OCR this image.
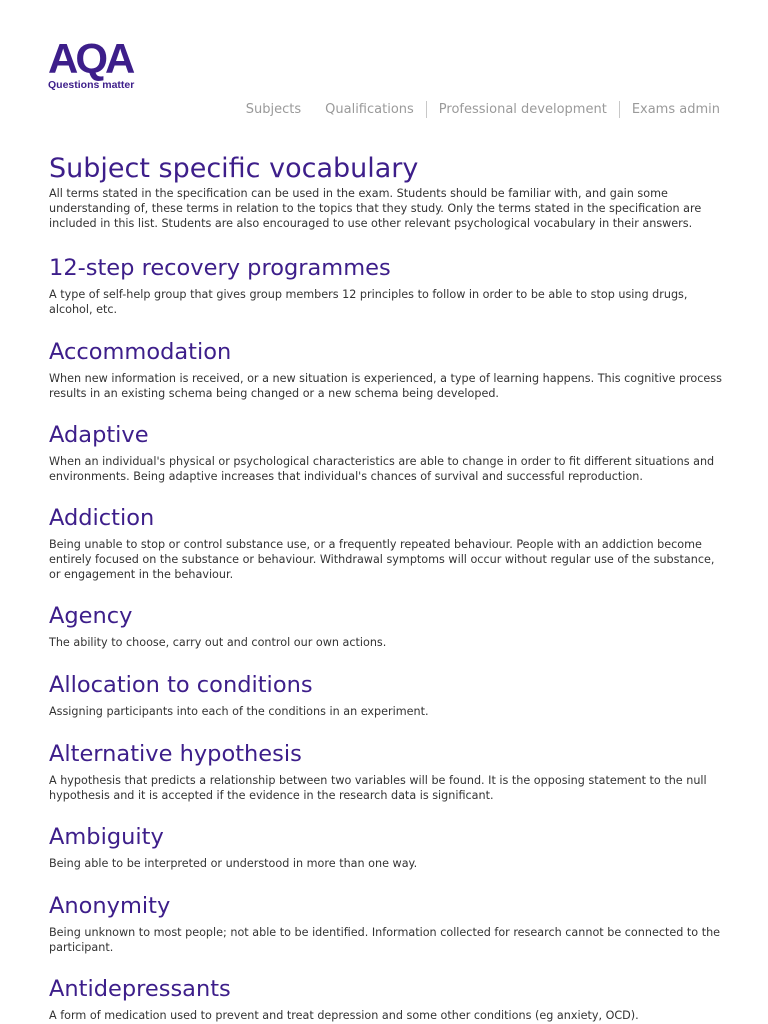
AQA
Questions matter
Subjects Qualifications Professional development Exams admin
Subject specific vocabulary

All terms stated in the specification can be used in the exam. Students should be familiar with, and gain some understanding of, these terms in relation to the topics that they study. Only the terms stated in the specification are included in this list. Students are also encouraged to use other relevant psychological vocabulary in their answers.

12-step recovery programmes

A type of self-help group that gives group members 12 principles to follow in order to be able to stop using drugs, alcohol, etc.

Accommodation

When new information is received, or a new situation is experienced, a type of learning happens. This cognitive process results in an existing schema being changed or a new schema being developed.

Adaptive

When an individual's physical or psychological characteristics are able to change in order to fit different situations and environments. Being adaptive increases that individual's chances of survival and successful reproduction.

Addiction

Being unable to stop or control substance use, or a frequently repeated behaviour. People with an addiction become entirely focused on the substance or behaviour. Withdrawal symptoms will occur without regular use of the substance, or engagement in the behaviour.

Agency

The ability to choose, carry out and control our own actions.

Allocation to conditions

Assigning participants into each of the conditions in an experiment.

Alternative hypothesis

A hypothesis that predicts a relationship between two variables will be found. It is the opposing statement to the null hypothesis and it is accepted if the evidence in the research data is significant.

Ambiguity

Being able to be interpreted or understood in more than one way.

Anonymity

Being unknown to most people; not able to be identified. Information collected for research cannot be connected to the participant.

Antidepressants

A form of medication used to prevent and treat depression and some other conditions (eg anxiety, OCD).
